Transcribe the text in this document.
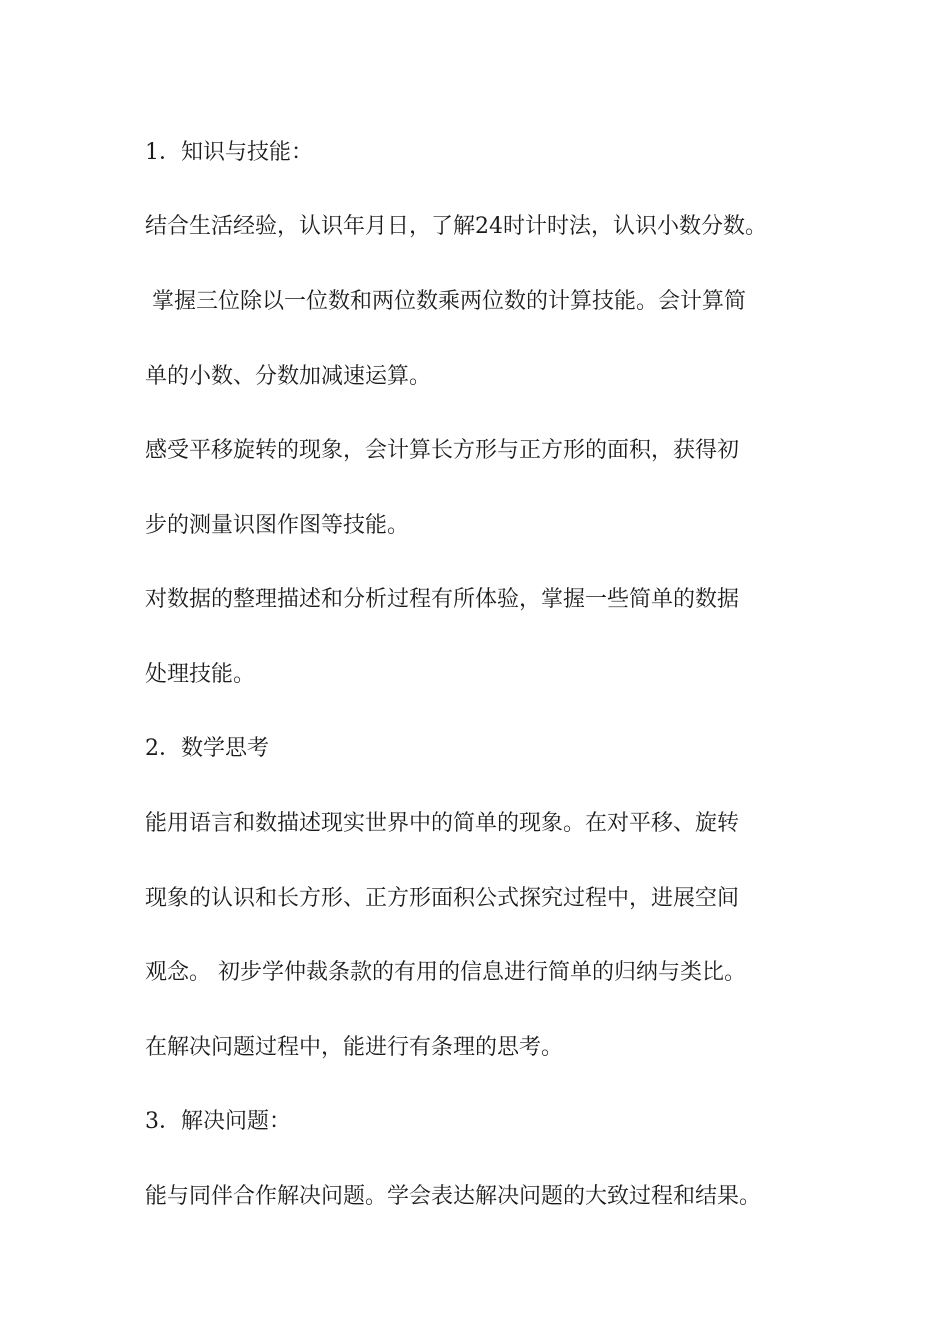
1．知识与技能：
结合生活经验，认识年月日，了解24时计时法，认识小数分数。
掌握三位除以一位数和两位数乘两位数的计算技能。会计算简
单的小数、分数加减速运算。
感受平移旋转的现象，会计算长方形与正方形的面积，获得初
步的测量识图作图等技能。
对数据的整理描述和分析过程有所体验，掌握一些简单的数据
处理技能。
2．数学思考
能用语言和数描述现实世界中的简单的现象。在对平移、旋转
现象的认识和长方形、正方形面积公式探究过程中，进展空间
观念。 初步学仲裁条款的有用的信息进行简单的归纳与类比。
在解决问题过程中，能进行有条理的思考。
3．解决问题：
能与同伴合作解决问题。学会表达解决问题的大致过程和结果。
